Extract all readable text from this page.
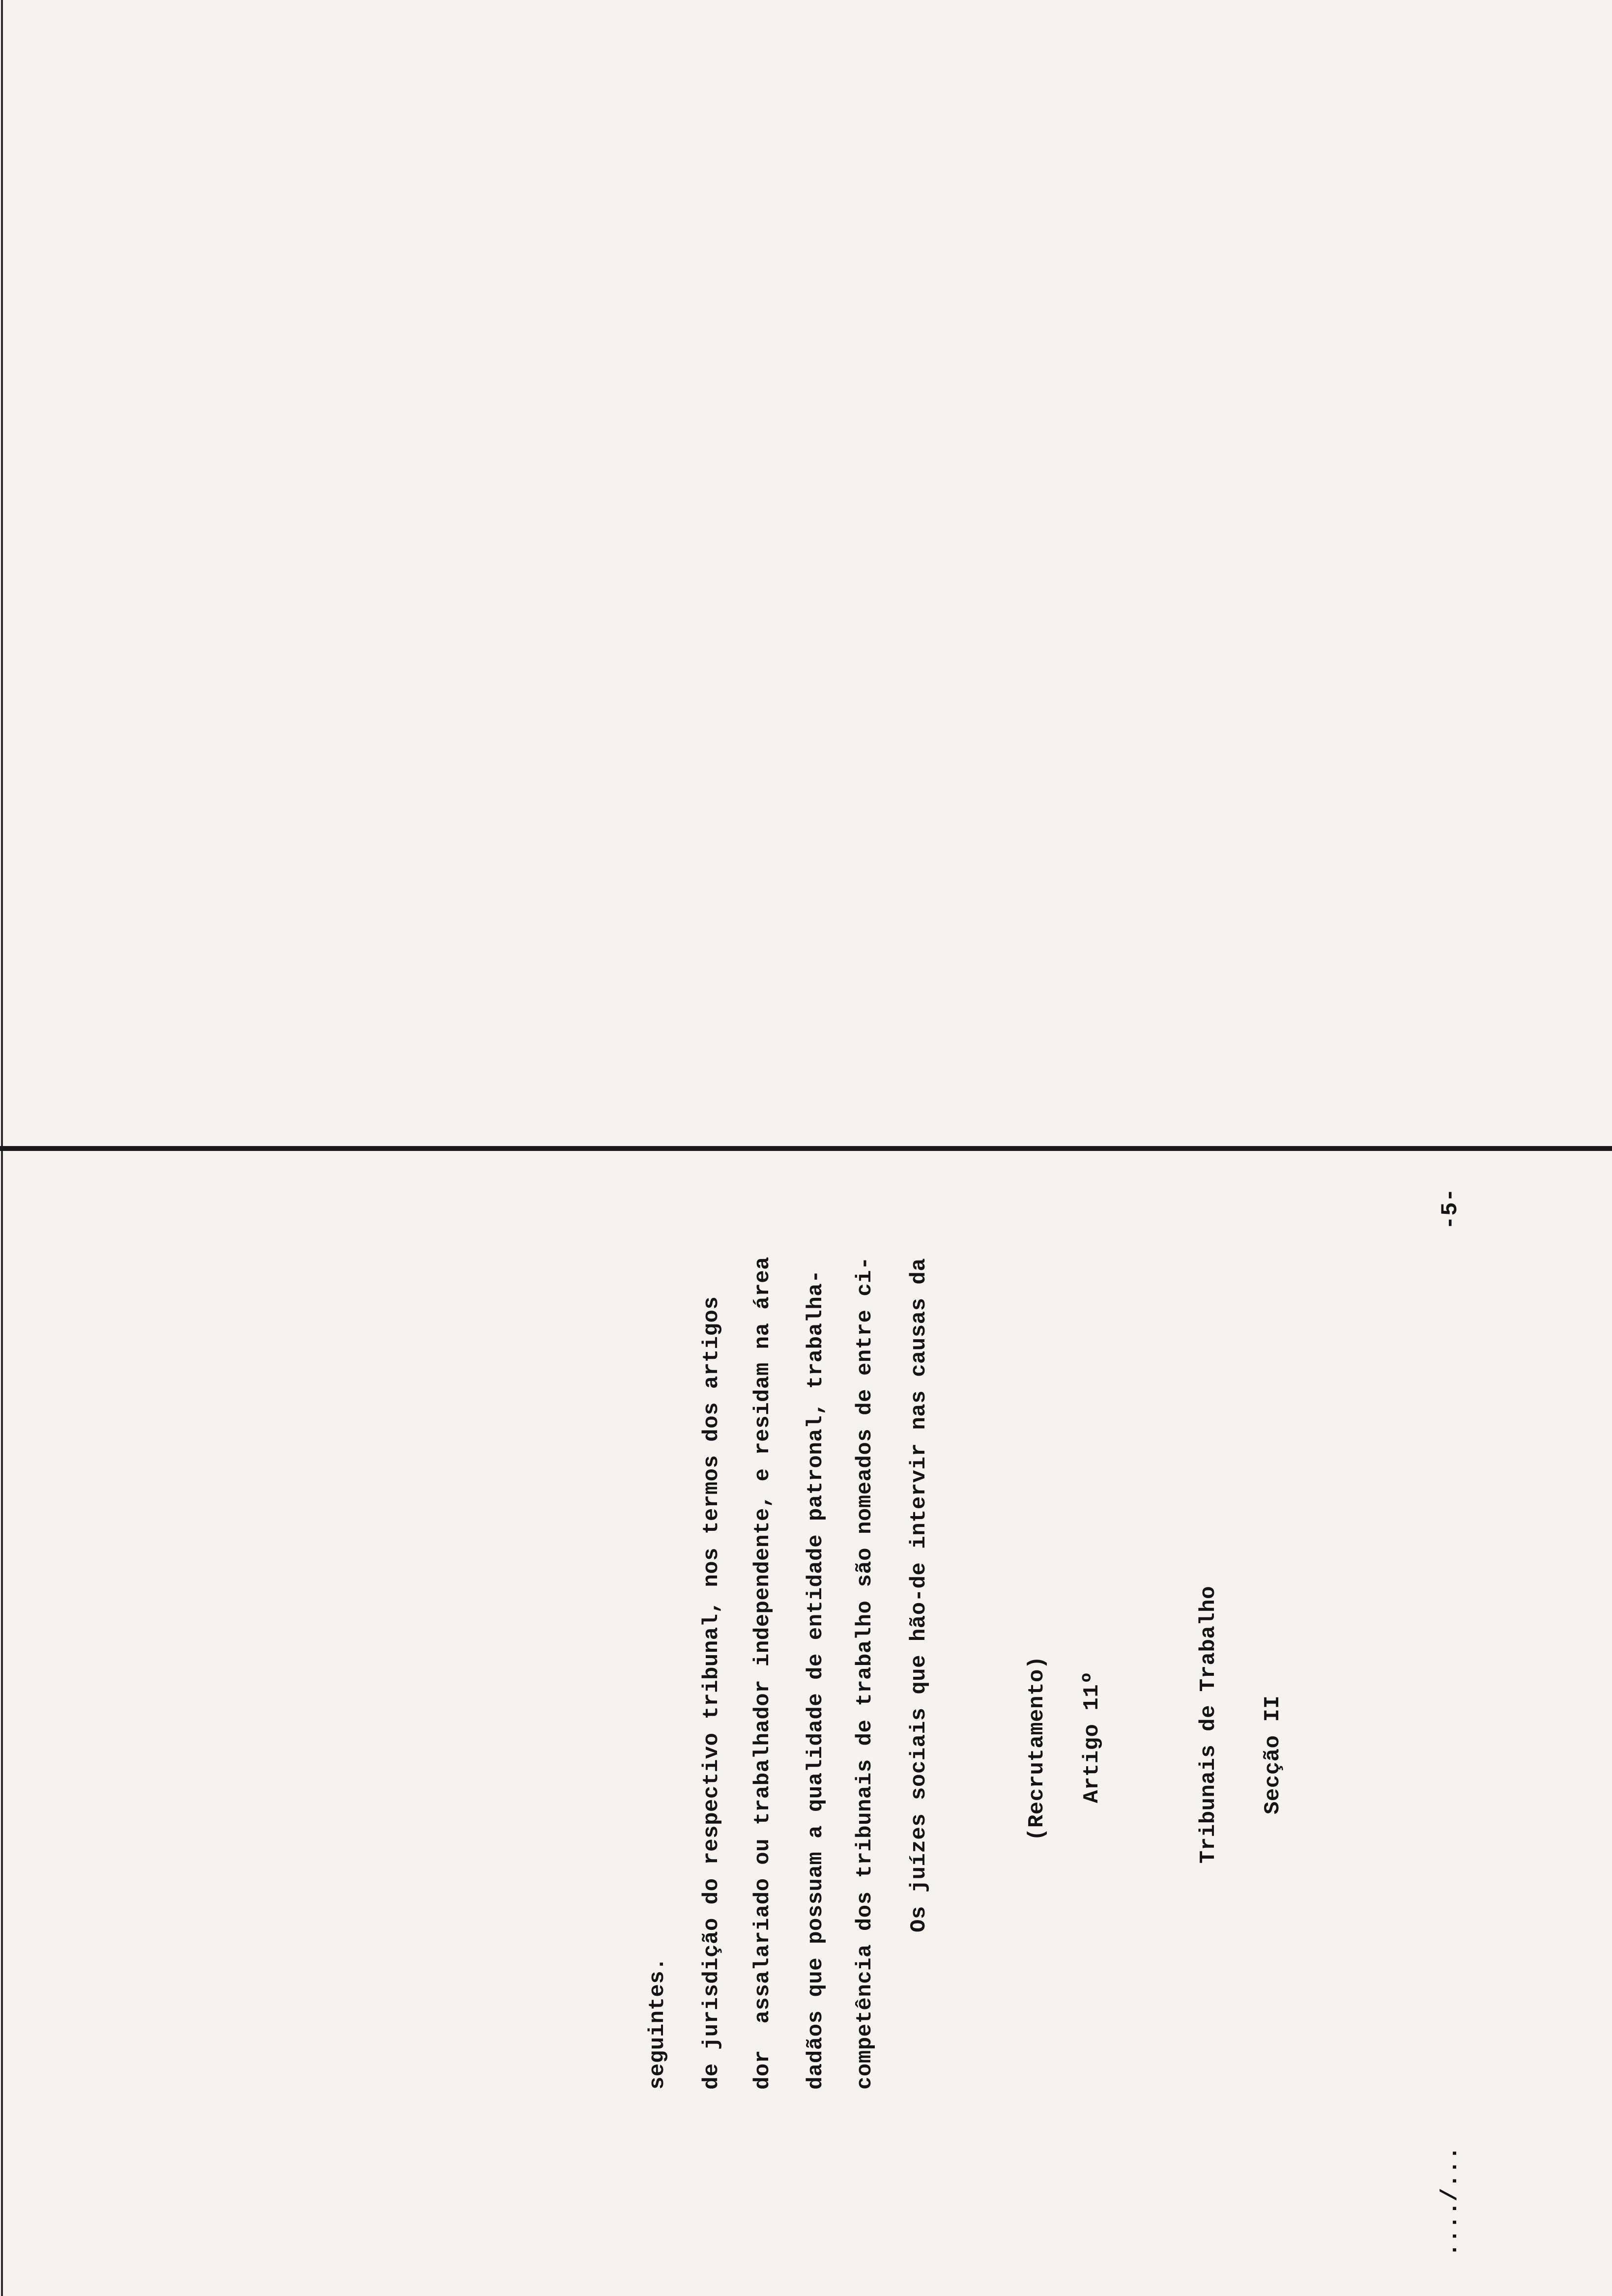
..../...
-5-
Secção II
Tribunais de Trabalho
Artigo 11º
(Recrutamento)
Os juízes sociais que hão-de intervir nas causas da
competência dos tribunais de trabalho são nomeados de entre ci-
dadãos que possuam a qualidade de entidade patronal, trabalha-
dor  assalariado ou trabalhador independente, e residam na área
de jurisdição do respectivo tribunal, nos termos dos artigos
seguintes.
